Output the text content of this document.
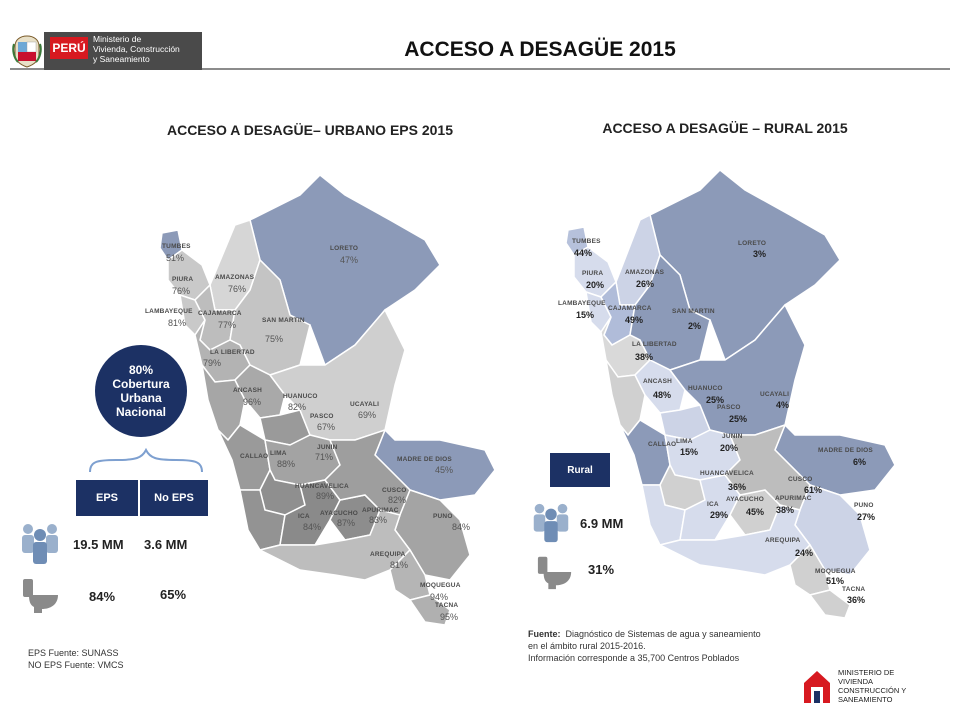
PERÚ
Ministerio de
Vivienda, Construcción
y Saneamiento	ACCESO A DESAGÜE 2015
ACCESO A DESAGÜE– URBANO EPS 2015
TUMBES
51%
LORETO
47%
PIURA
76%
AMAZONAS
76%
LAMBAYEQUE
81%
CAJAMARCA
77%	SAN MARTIN
75%
LA LIBERTAD
79%
ANCASH
96%
HUANUCO
82%
PASCO
67%
UCAYALI
69%
LIMA
88%
CALLAO
JUNIN
71%	MADRE DE DIOS
45%
HUANCAVELICA
89%
CUSCO
82%
ICA
84%
AYACUCHO
87%
APURIMAC
83%	PUNO
84%
AREQUIPA
81%
MOQUEGUA
94%
TACNA
95%
80%
Cobertura
Urbana
Nacional
EPS	No EPS
19.5 MM 3.6 MM
84%	65%
EPS Fuente: SUNASS
NO EPS Fuente: VMCS
ACCESO A DESAGÜE – RURAL 2015
TUMBES
44%
LORETO
3%
PIURA
20%
AMAZONAS
26%
LAMBAYEQUE
15%
CAJAMARCA
49%
SAN MARTIN
2%
LA LIBERTAD
38%
ANCASH
48%
HUANUCO
25%
PASCO
25%
UCAYALI
4%
CALLAO LIMA
15%
JUNIN
20%	MADRE DE DIOS
6%
HUANCAVELICA
36%
CUSCO
61%
ICA
29%
AYACUCHO
45%
APURIMAC
38%	PUNO
27%
AREQUIPA
24%
MOQUEGUA
51%
TACNA
36%
Rural
6.9 MM
31%
Fuente: Diagnóstico de Sistemas de agua y saneamiento
en el ámbito rural 2015-2016.
Información corresponde a 35,700 Centros Poblados
MINISTERIO DE
VIVIENDA
CONSTRUCCIÓN Y
SANEAMIENTO
